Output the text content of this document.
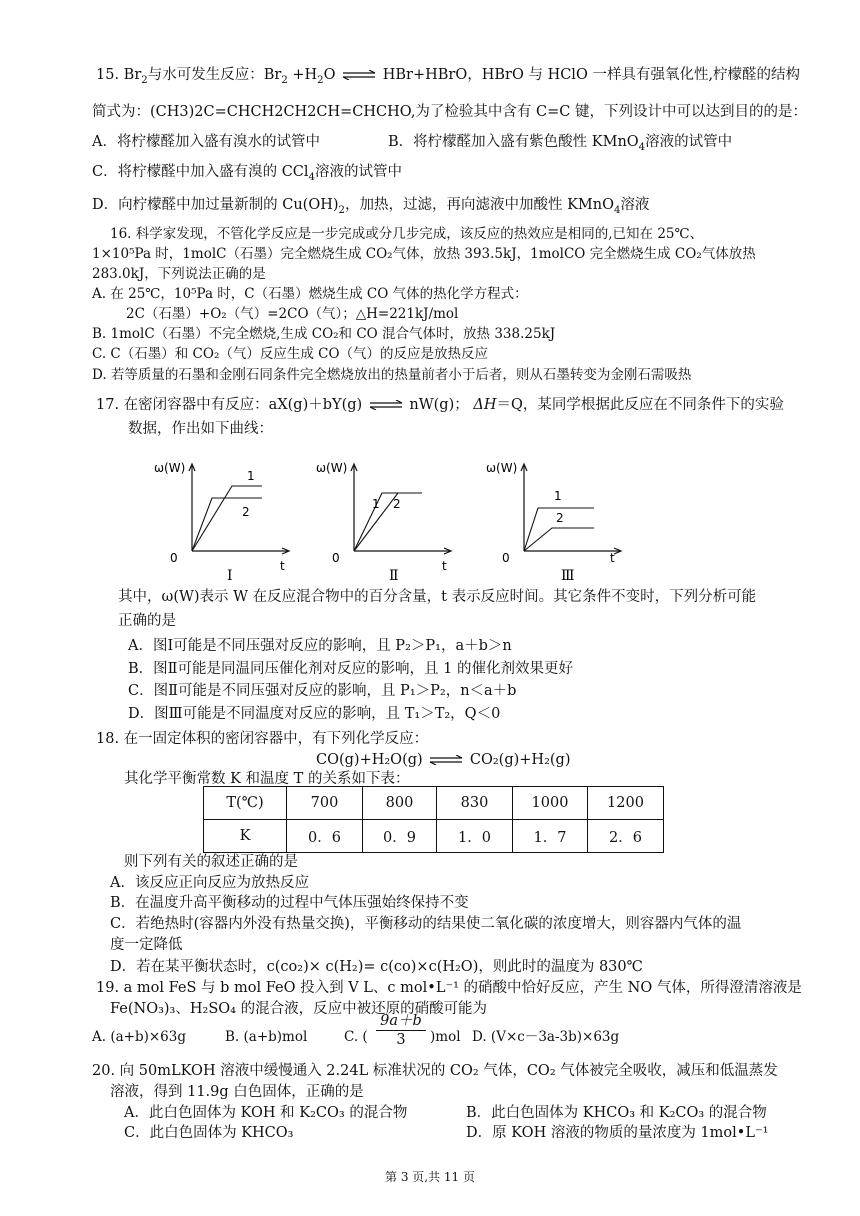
15. $Br_2$与水可发生反应：$Br_2 +H_2O$ ⇌ HBr+HBrO，HBrO 与 HClO 一样具有强氧化性,柠檬醛的结构
简式为：(CH3)2C=CHCH2CH2CH=CHCHO,为了检验其中含有 C=C 键，下列设计中可以达到目的的是：
A．将柠檬醛加入盛有溴水的试管中	B．将柠檬醛加入盛有紫色酸性 KMnO$_4$溶液的试管中
C．将柠檬醛中加入盛有溴的 CCl$_4$溶液的试管中
D．向柠檬醛中加过量新制的 $Cu(OH)_2$，加热，过滤，再向滤液中加酸性 KMnO$_4$溶液
16. 科学家发现，不管化学反应是一步完成或分几步完成，该反应的热效应是相同的,已知在 25℃、
1×10⁵Pa 时，1molC（石墨）完全燃烧生成 CO₂气体，放热 393.5kJ，1molCO 完全燃烧生成 CO₂气体放热
283.0kJ，下列说法正确的是
A. 在 25℃，10⁵Pa 时，C（石墨）燃烧生成 CO 气体的热化学方程式：
2C（石墨）+O₂（气）=2CO（气）；△H=221kJ/mol
B. 1molC（石墨）不完全燃烧,生成 CO₂和 CO 混合气体时，放热 338.25kJ
C. C（石墨）和 CO₂（气）反应生成 CO（气）的反应是放热反应
D. 若等质量的石墨和金刚石同条件完全燃烧放出的热量前者小于后者，则从石墨转变为金刚石需吸热
17. 在密闭容器中有反应：aX(g)＋bY(g) ⇌ nW(g)； ΔH＝Q，某同学根据此反应在不同条件下的实验
数据，作出如下曲线：
ω(W)
0
t
1
2
Ⅰ
ω(W)
0
t
1 2
Ⅱ
ω(W)
0	t
1
2
Ⅲ
其中，ω(W)表示 W 在反应混合物中的百分含量，t 表示反应时间。其它条件不变时，下列分析可能
正确的是
A．图Ⅰ可能是不同压强对反应的影响，且 P₂＞P₁，a＋b＞n
B．图Ⅱ可能是同温同压催化剂对反应的影响，且 1 的催化剂效果更好
C．图Ⅱ可能是不同压强对反应的影响，且 P₁＞P₂，n＜a＋b
D．图Ⅲ可能是不同温度对反应的影响，且 T₁＞T₂，Q＜0
18. 在一固定体积的密闭容器中，有下列化学反应：
CO(g)+H₂O(g) ⇌ CO₂(g)+H₂(g)
其化学平衡常数 K 和温度 T 的关系如下表：
T(℃)	700	800	830	1000	1200
K	0．6	0．9	1．0	1．7	2．6
则下列有关的叙述正确的是
A．该反应正向反应为放热反应
B．在温度升高平衡移动的过程中气体压强始终保持不变
C．若绝热时(容器内外没有热量交换)，平衡移动的结果使二氧化碳的浓度增大，则容器内气体的温
度一定降低
D．若在某平衡状态时，c(co₂)× c(H₂)= c(co)×c(H₂O)，则此时的温度为 830℃
19. a mol FeS 与 b mol FeO 投入到 V L、c mol•L⁻¹ 的硝酸中恰好反应，产生 NO 气体，所得澄清溶液是
Fe(NO₃)₃、H₂SO₄ 的混合液，反应中被还原的硝酸可能为
A. (a+b)×63g	B. (a+b)mol	C. (
9a＋b
3	)mol D. (V×c－3a-3b)×63g
20. 向 50mLKOH 溶液中缓慢通入 2.24L 标准状况的 CO₂ 气体，CO₂ 气体被完全吸收，减压和低温蒸发
溶液，得到 11.9g 白色固体，正确的是
A．此白色固体为 KOH 和 K₂CO₃ 的混合物	B．此白色固体为 KHCO₃ 和 K₂CO₃ 的混合物
C．此白色固体为 KHCO₃	D．原 KOH 溶液的物质的量浓度为 1mol•L⁻¹
第 3 页,共 11 页
